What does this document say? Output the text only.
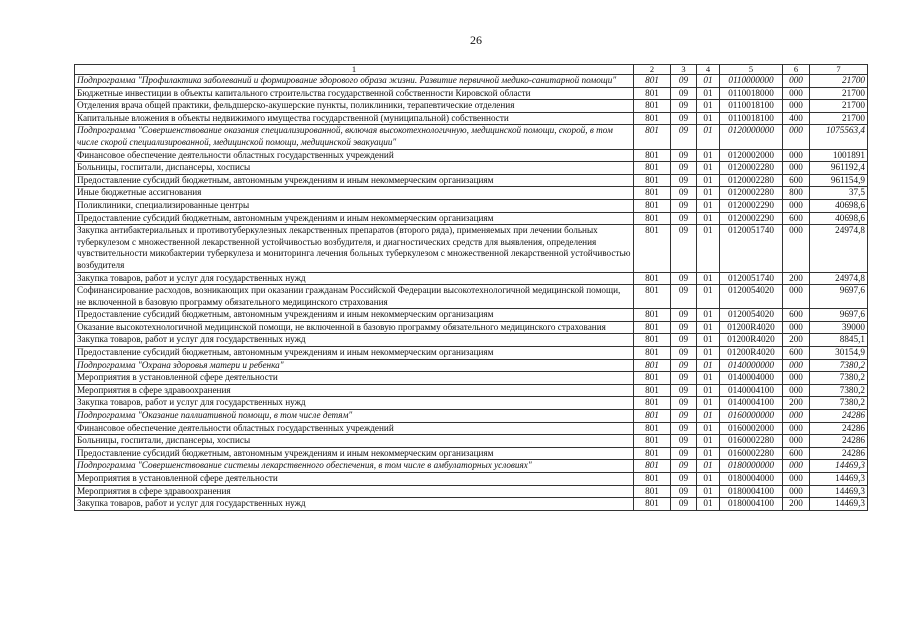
26
1	2	3	4	5	6	7
Подпрограмма "Профилактика заболеваний и формирование здорового образа жизни. Развитие первичной медико-санитарной помощи"	801	09	01	0110000000	000	21700
Бюджетные инвестиции в объекты капитального строительства государственной собственности Кировской области	801	09	01	0110018000	000	21700
Отделения врача общей практики, фельдшерско-акушерские пункты, поликлиники, терапевтические отделения	801	09	01	0110018100	000	21700
Капитальные вложения в объекты недвижимого имущества государственной (муниципальной) собственности	801	09	01	0110018100	400	21700
Подпрограмма "Совершенствование оказания специализированной, включая высокотехнологичную, медицинской помощи, скорой, в том числе скорой специализированной, медицинской помощи, медицинской эвакуации"	801	09	01	0120000000	000	1075563,4
Финансовое обеспечение деятельности областных государственных учреждений	801	09	01	0120002000	000	1001891
Больницы, госпитали, диспансеры, хосписы	801	09	01	0120002280	000	961192,4
Предоставление субсидий бюджетным, автономным учреждениям и иным некоммерческим организациям	801	09	01	0120002280	600	961154,9
Иные бюджетные ассигнования	801	09	01	0120002280	800	37,5
Поликлиники, специализированные центры	801	09	01	0120002290	000	40698,6
Предоставление субсидий бюджетным, автономным учреждениям и иным некоммерческим организациям	801	09	01	0120002290	600	40698,6
Закупка антибактериальных и противотуберкулезных лекарственных препаратов (второго ряда), применяемых при лечении больных туберкулезом с множественной лекарственной устойчивостью возбудителя, и диагностических средств для выявления, определения чувствительности микобактерии туберкулеза и мониторинга лечения больных туберкулезом с множественной лекарственной устойчивостью возбудителя	801	09	01	0120051740	000	24974,8
Закупка товаров, работ и услуг для государственных нужд	801	09	01	0120051740	200	24974,8
Софинансирование расходов, возникающих при оказании гражданам Российской Федерации высокотехнологичной медицинской помощи, не включенной в базовую программу обязательного медицинского страхования	801	09	01	0120054020	000	9697,6
Предоставление субсидий бюджетным, автономным учреждениям и иным некоммерческим организациям	801	09	01	0120054020	600	9697,6
Оказание высокотехнологичной медицинской помощи, не включенной в базовую программу обязательного медицинского страхования	801	09	01	01200R4020	000	39000
Закупка товаров, работ и услуг для государственных нужд	801	09	01	01200R4020	200	8845,1
Предоставление субсидий бюджетным, автономным учреждениям и иным некоммерческим организациям	801	09	01	01200R4020	600	30154,9
Подпрограмма "Охрана здоровья матери и ребенка"	801	09	01	0140000000	000	7380,2
Мероприятия в установленной сфере деятельности	801	09	01	0140004000	000	7380,2
Мероприятия в сфере здравоохранения	801	09	01	0140004100	000	7380,2
Закупка товаров, работ и услуг для государственных нужд	801	09	01	0140004100	200	7380,2
Подпрограмма "Оказание паллиативной помощи, в том числе детям"	801	09	01	0160000000	000	24286
Финансовое обеспечение деятельности областных государственных учреждений	801	09	01	0160002000	000	24286
Больницы, госпитали, диспансеры, хосписы	801	09	01	0160002280	000	24286
Предоставление субсидий бюджетным, автономным учреждениям и иным некоммерческим организациям	801	09	01	0160002280	600	24286
Подпрограмма "Совершенствование системы лекарственного обеспечения, в том числе в амбулаторных условиях"	801	09	01	0180000000	000	14469,3
Мероприятия в установленной сфере деятельности	801	09	01	0180004000	000	14469,3
Мероприятия в сфере здравоохранения	801	09	01	0180004100	000	14469,3
Закупка товаров, работ и услуг для государственных нужд	801	09	01	0180004100	200	14469,3
